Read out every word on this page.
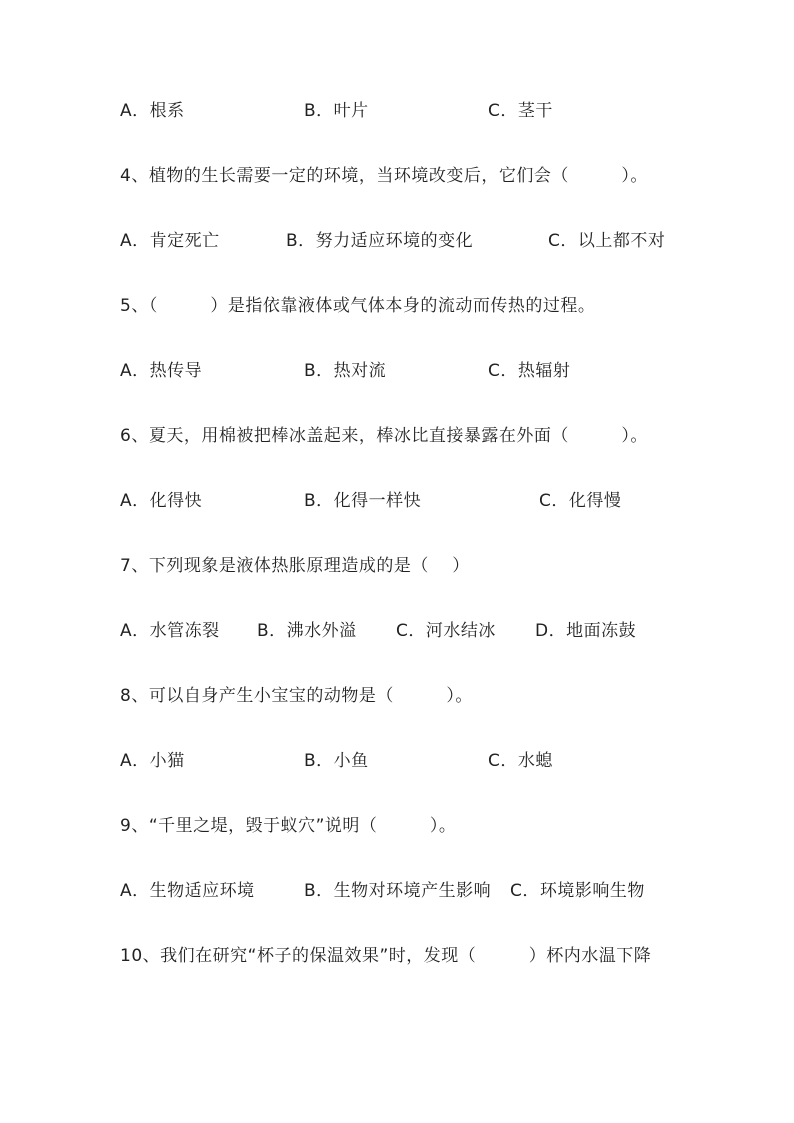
A．根系	B．叶片	C．茎干
4、植物的生长需要一定的环境，当环境改变后，它们会（　　　）。
A．肯定死亡	B．努力适应环境的变化	C．以上都不对
5、（　　　）是指依靠液体或气体本身的流动而传热的过程。
A．热传导	B．热对流	C．热辐射
6、夏天，用棉被把棒冰盖起来，棒冰比直接暴露在外面（　　　）。
A．化得快	B．化得一样快	C．化得慢
7、下列现象是液体热胀原理造成的是（　 ）
A．水管冻裂 B．沸水外溢 C．河水结冰 D．地面冻鼓
8、可以自身产生小宝宝的动物是（　　　）。
A．小猫	B．小鱼	C．水螅
9、“千里之堤，毁于蚁穴”说明（　　　）。
A．生物适应环境	B．生物对环境产生影响 C．环境影响生物
10、我们在研究“杯子的保温效果”时，发现（　　　）杯内水温下降
